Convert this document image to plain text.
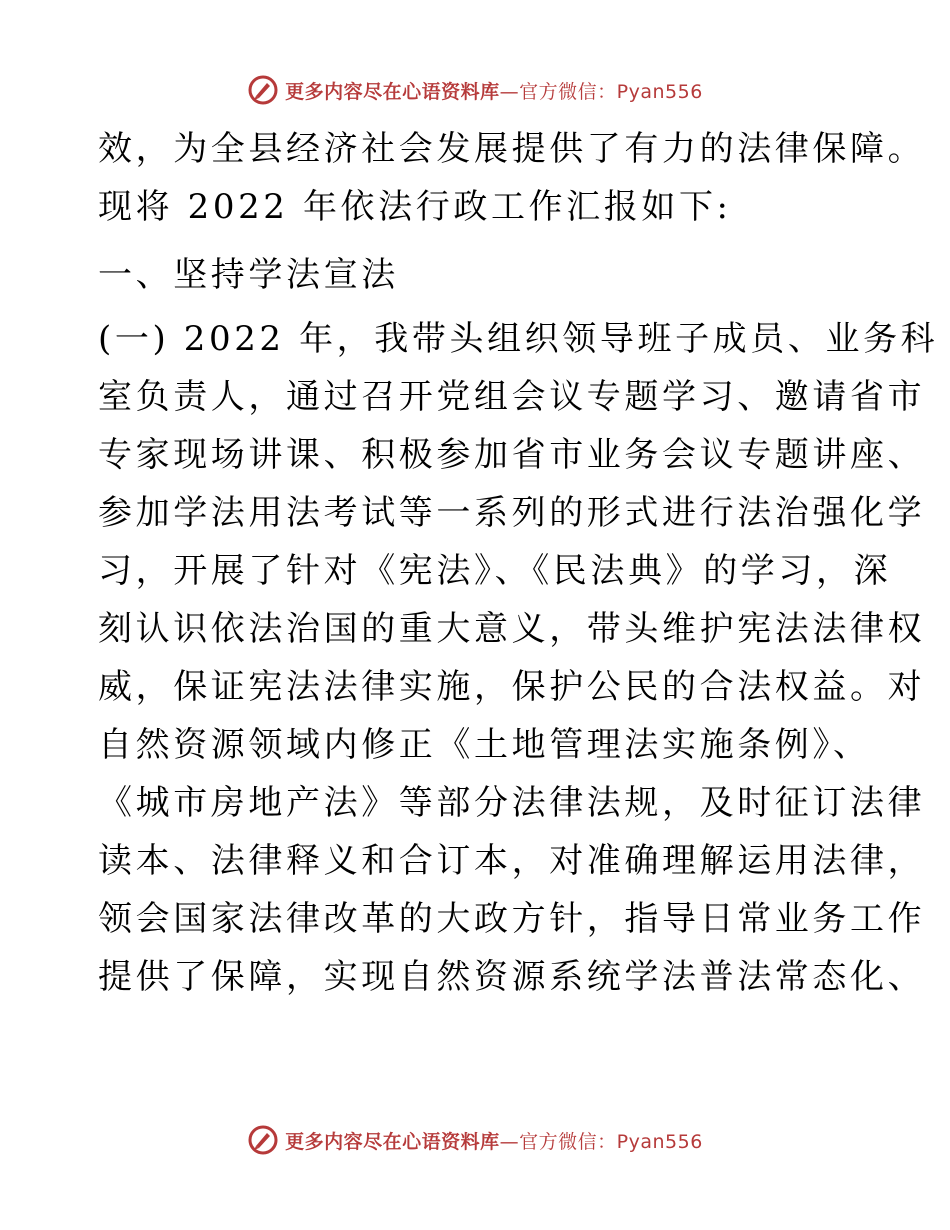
更多内容尽在心语资料库—官方微信：Pyan556

效，为全县经济社会发展提供了有力的法律保障。

现将 2022 年依法行政工作汇报如下:

一、坚持学法宣法

(一) 2022 年，我带头组织领导班子成员、业务科

室负责人，通过召开党组会议专题学习、邀请省市

专家现场讲课、积极参加省市业务会议专题讲座、

参加学法用法考试等一系列的形式进行法治强化学

习，开展了针对《宪法》、《民法典》的学习，深

刻认识依法治国的重大意义，带头维护宪法法律权

威，保证宪法法律实施，保护公民的合法权益。对

自然资源领域内修正《土地管理法实施条例》、

《城市房地产法》等部分法律法规，及时征订法律

读本、法律释义和合订本，对准确理解运用法律，

领会国家法律改革的大政方针，指导日常业务工作

提供了保障，实现自然资源系统学法普法常态化、

更多内容尽在心语资料库—官方微信：Pyan556
